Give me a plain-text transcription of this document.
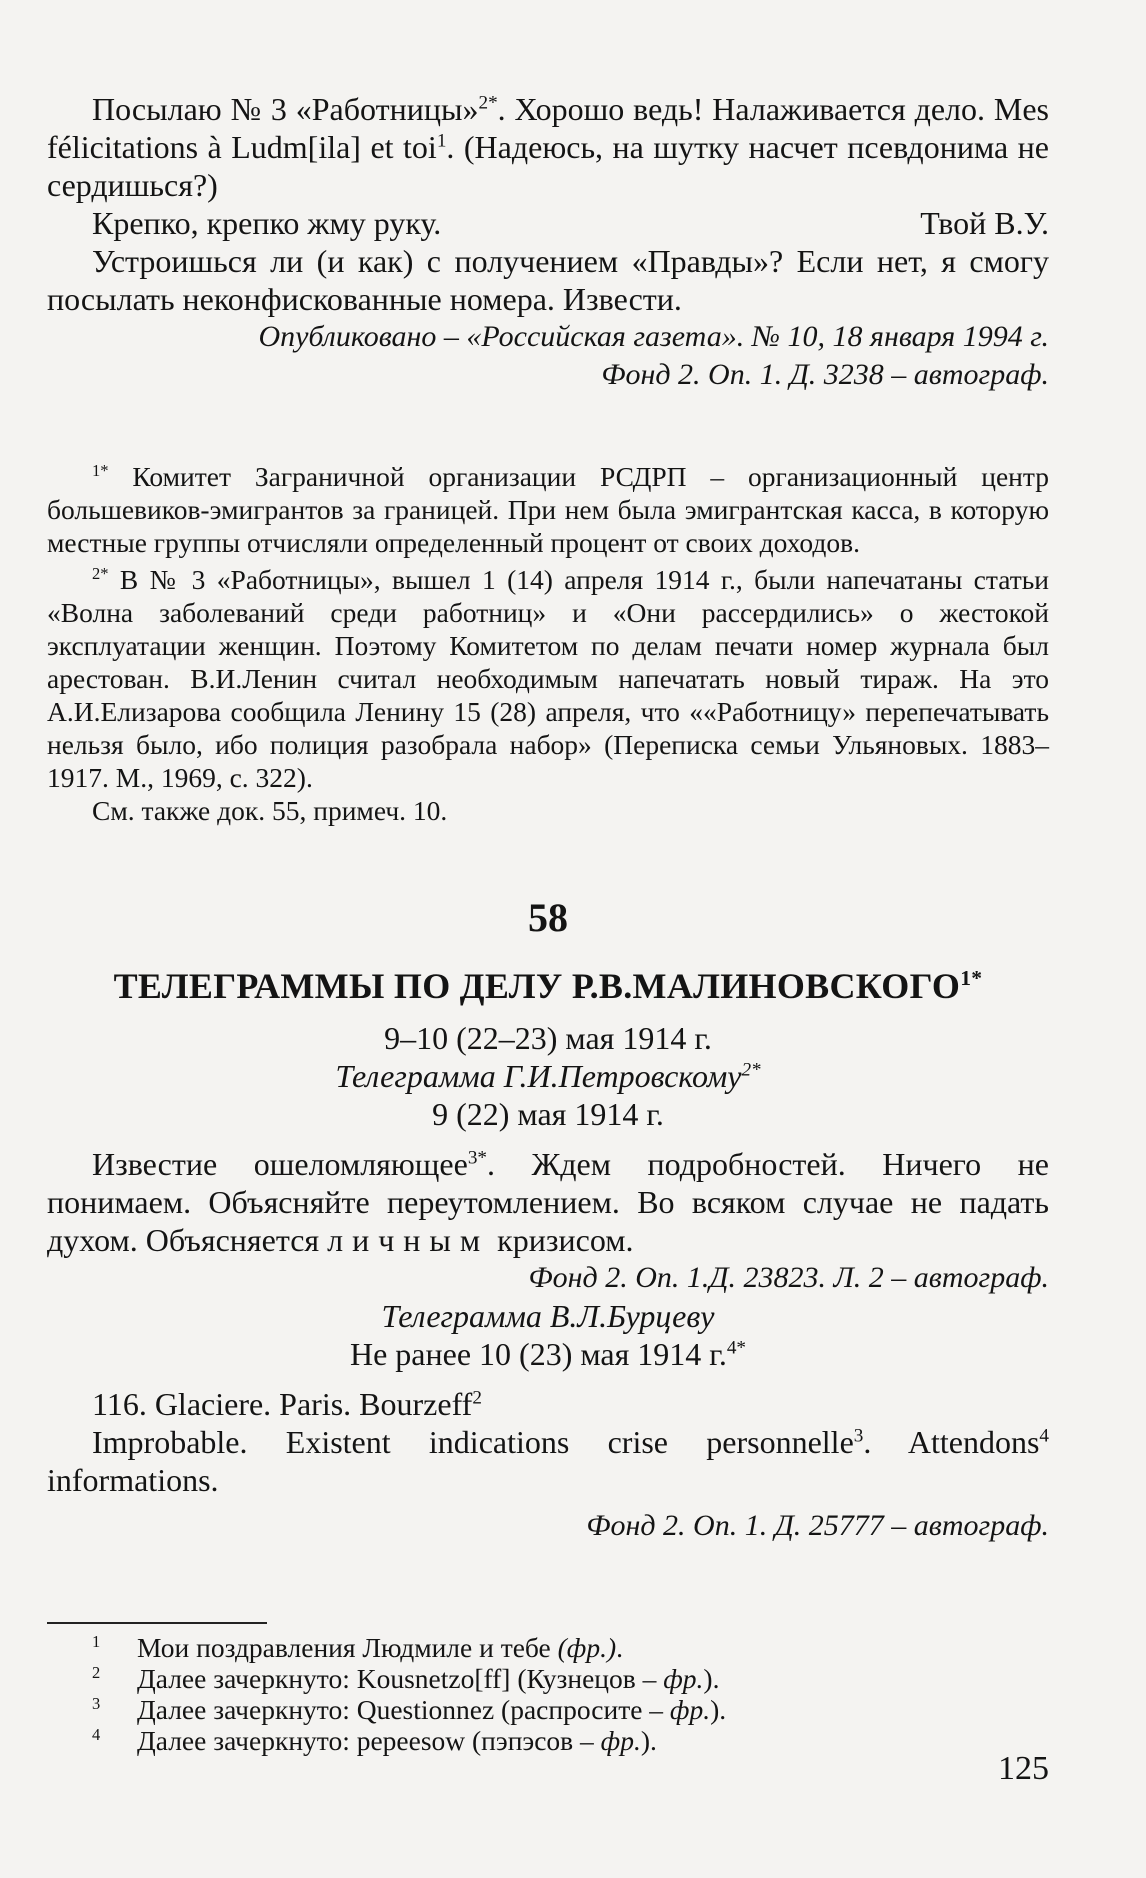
Посылаю № 3 «Работницы»$^{2*}$. Хорошо ведь! Налаживается дело. Mes félicitations à Ludm[ila] et toi$^1$. (Надеюсь, на шутку насчет псевдонима не сердишься?)

Крепко, крепко жму руку.	Твой В.У.

Устроишься ли (и как) с получением «Правды»? Если нет, я смогу посылать неконфискованные номера. Извести.

Опубликовано – «Российская газета». № 10, 18 января 1994 г.

Фонд 2. Оп. 1. Д. 3238 – автограф.

$^{1*}$ Комитет Заграничной организации РСДРП – организационный центр большевиков-эмигрантов за границей. При нем была эмигрантская касса, в которую местные группы отчисляли определенный процент от своих доходов.

$^{2*}$ В № 3 «Работницы», вышел 1 (14) апреля 1914 г., были напечатаны статьи «Волна заболеваний среди работниц» и «Они рассердились» о жестокой эксплуатации женщин. Поэтому Комитетом по делам печати номер журнала был арестован. В.И.Ленин считал необходимым напечатать новый тираж. На это А.И.Елизарова сообщила Ленину 15 (28) апреля, что ««Работницу» перепечатывать нельзя было, ибо полиция разобрала набор» (Переписка семьи Ульяновых. 1883–1917. М., 1969, с. 322).

См. также док. 55, примеч. 10.

58

ТЕЛЕГРАММЫ ПО ДЕЛУ $Р.В.МАЛИНОВСКОГО^{1*}$

9–10 (22–23) мая 1914 г.

Телеграмма Г.И.Петровскому$^{2*}$

9 (22) мая 1914 г.

Известие ошеломляющее$^{3*}$. Ждем подробностей. Ничего не понимаем. Объясняйте переутомлением. Во всяком случае не падать духом. Объясняется личным кризисом.

Фонд 2. Оп. 1.Д. 23823. Л. 2 – автограф.

Телеграмма В.Л.Бурцеву

Не ранее 10 (23) мая 1914 г.$^{4*}$

116. Glaciere. Paris. Bourzeff$^2$

Improbable. Existent indications crise personnelle$^3$. Attendons$^4$ informations.

Фонд 2. Оп. 1. Д. 25777 – автограф.

1 Мои поздравления Людмиле и тебе (фр.).

2 Далее зачеркнуто: Kousnetzo[ff] (Кузнецов – фр.).

3 Далее зачеркнуто: Questionnez (распросите – фр.).

4 Далее зачеркнуто: pepeesow (пэпэсов – фр.).

125
